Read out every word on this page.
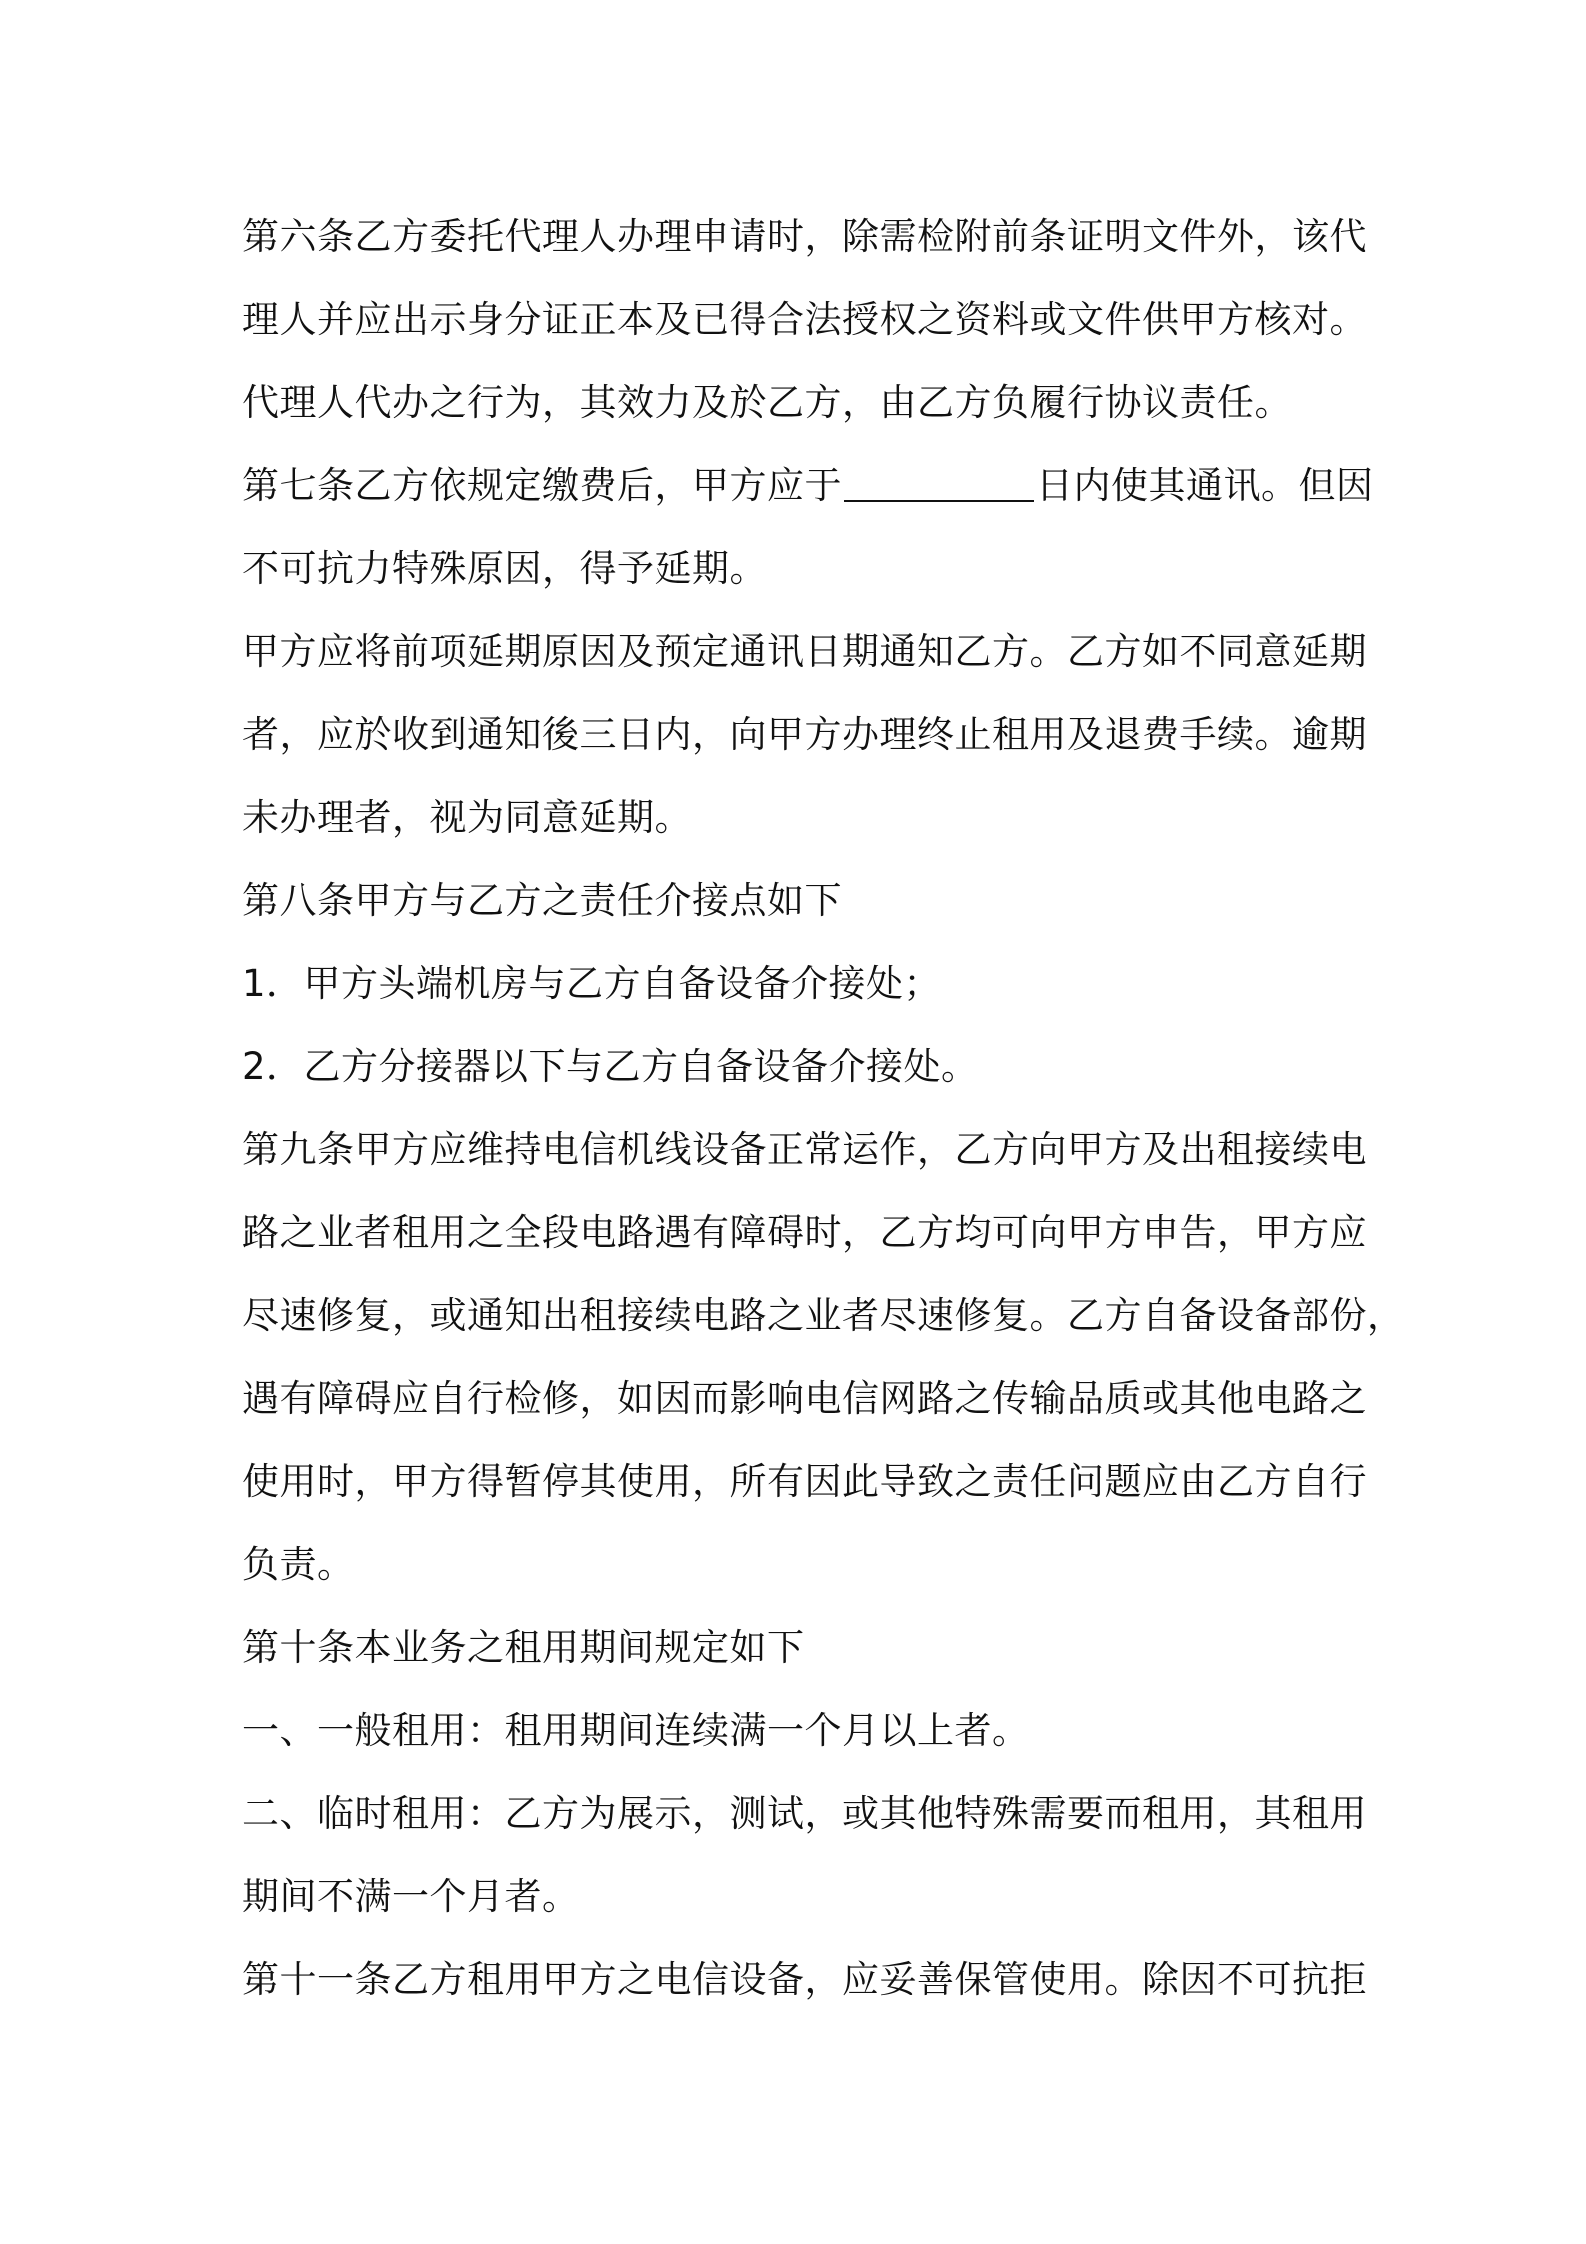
第六条乙方委托代理人办理申请时，除需检附前条证明文件外，该代
理人并应出示身分证正本及已得合法授权之资料或文件供甲方核对。
代理人代办之行为，其效力及於乙方，由乙方负履行协议责任。
第七条乙方依规定缴费后，甲方应于	日内使其通讯。但因
不可抗力特殊原因，得予延期。
甲方应将前项延期原因及预定通讯日期通知乙方。乙方如不同意延期
者，应於收到通知後三日内，向甲方办理终止租用及退费手续。逾期
未办理者，视为同意延期。
第八条甲方与乙方之责任介接点如下
1．甲方头端机房与乙方自备设备介接处；
2．乙方分接器以下与乙方自备设备介接处。
第九条甲方应维持电信机线设备正常运作，乙方向甲方及出租接续电
路之业者租用之全段电路遇有障碍时，乙方均可向甲方申告，甲方应
尽速修复，或通知出租接续电路之业者尽速修复。乙方自备设备部份，
遇有障碍应自行检修，如因而影响电信网路之传输品质或其他电路之
使用时，甲方得暂停其使用，所有因此导致之责任问题应由乙方自行
负责。
第十条本业务之租用期间规定如下
一、一般租用：租用期间连续满一个月以上者。
二、临时租用：乙方为展示，测试，或其他特殊需要而租用，其租用
期间不满一个月者。
第十一条乙方租用甲方之电信设备，应妥善保管使用。除因不可抗拒
